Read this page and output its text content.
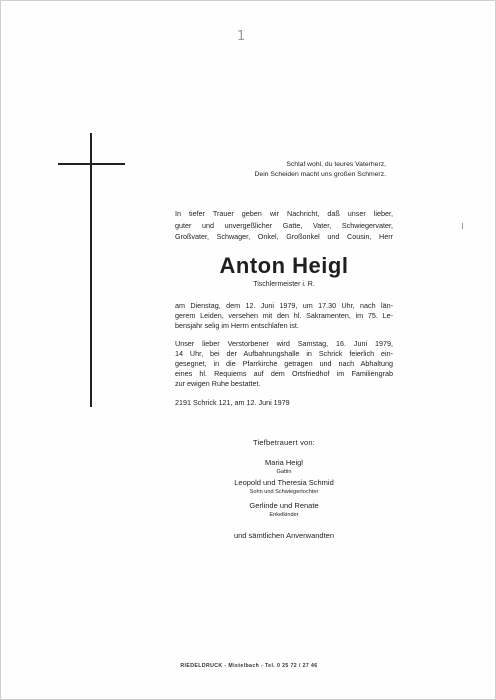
1
Schlaf wohl, du teures Vaterherz,
Dein Scheiden macht uns großen Schmerz.
In tiefer Trauer geben wir Nachricht, daß unser lieber,
guter und unvergeßlicher Gatte, Vater, Schwiegervater,
Großvater, Schwager, Onkel, Großonkel und Cousin, Herr
Anton Heigl
Tischlermeister i. R.
am Dienstag, dem 12. Juni 1979, um 17.30 Uhr, nach län-
gerem Leiden, versehen mit den hl. Sakramenten, im 75. Le-
bensjahr selig im Herrn entschlafen ist.
Unser lieber Verstorbener wird Samstag, 16. Juni 1979,
14 Uhr, bei der Aufbahrungshalle in Schrick feierlich ein-
gesegnet, in die Pfarrkirche getragen und nach Abhaltung
eines hl. Requiems auf dem Ortsfriedhof im Familiengrab
zur ewigen Ruhe bestattet.
2191 Schrick 121, am 12. Juni 1979
Tiefbetrauert von:
Maria Heigl
Gattin
Leopold und Theresia Schmid
Sohn und Schwiegertochter
Gerlinde und Renate
Enkelkinder
und sämtlichen Anverwandten
RIEDELDRUCK - Mistelbach - Tel. 0 25 72 / 27 46
